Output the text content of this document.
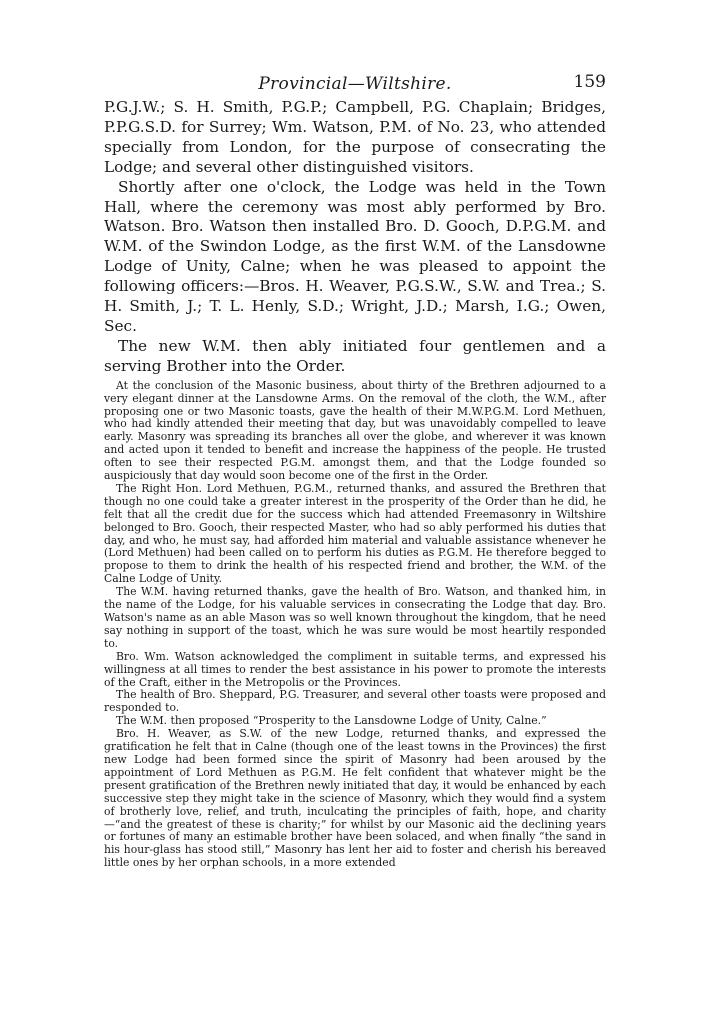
Provincial—Wiltshire.	159

P.G.J.W.; S. H. Smith, P.G.P.; Campbell, P.G. Chaplain; Bridges, P.P.G.S.D. for Surrey; Wm. Watson, P.M. of No. 23, who attended specially from London, for the purpose of consecrating the Lodge; and several other distinguished visitors.

Shortly after one o'clock, the Lodge was held in the Town Hall, where the ceremony was most ably performed by Bro. Watson. Bro. Watson then installed Bro. D. Gooch, D.P.G.M. and W.M. of the Swindon Lodge, as the first W.M. of the Lansdowne Lodge of Unity, Calne; when he was pleased to appoint the following officers:—Bros. H. Weaver, P.G.S.W., S.W. and Trea.; S. H. Smith, J.; T. L. Henly, S.D.; Wright, J.D.; Marsh, I.G.; Owen, Sec.

The new W.M. then ably initiated four gentlemen and a serving Brother into the Order.

At the conclusion of the Masonic business, about thirty of the Brethren adjourned to a very elegant dinner at the Lansdowne Arms. On the removal of the cloth, the W.M., after proposing one or two Masonic toasts, gave the health of their M.W.P.G.M. Lord Methuen, who had kindly attended their meeting that day, but was unavoidably compelled to leave early. Masonry was spreading its branches all over the globe, and wherever it was known and acted upon it tended to benefit and increase the happiness of the people. He trusted often to see their respected P.G.M. amongst them, and that the Lodge founded so auspiciously that day would soon become one of the first in the Order.

The Right Hon. Lord Methuen, P.G.M., returned thanks, and assured the Brethren that though no one could take a greater interest in the prosperity of the Order than he did, he felt that all the credit due for the success which had attended Freemasonry in Wiltshire belonged to Bro. Gooch, their respected Master, who had so ably performed his duties that day, and who, he must say, had afforded him material and valuable assistance whenever he (Lord Methuen) had been called on to perform his duties as P.G.M. He therefore begged to propose to them to drink the health of his respected friend and brother, the W.M. of the Calne Lodge of Unity.

The W.M. having returned thanks, gave the health of Bro. Watson, and thanked him, in the name of the Lodge, for his valuable services in consecrating the Lodge that day. Bro. Watson's name as an able Mason was so well known throughout the kingdom, that he need say nothing in support of the toast, which he was sure would be most heartily responded to.

Bro. Wm. Watson acknowledged the compliment in suitable terms, and expressed his willingness at all times to render the best assistance in his power to promote the interests of the Craft, either in the Metropolis or the Provinces.

The health of Bro. Sheppard, P.G. Treasurer, and several other toasts were proposed and responded to.

The W.M. then proposed “Prosperity to the Lansdowne Lodge of Unity, Calne.”

Bro. H. Weaver, as S.W. of the new Lodge, returned thanks, and expressed the gratification he felt that in Calne (though one of the least towns in the Provinces) the first new Lodge had been formed since the spirit of Masonry had been aroused by the appointment of Lord Methuen as P.G.M. He felt confident that whatever might be the present gratification of the Brethren newly initiated that day, it would be enhanced by each successive step they might take in the science of Masonry, which they would find a system of brotherly love, relief, and truth, inculcating the principles of faith, hope, and charity—“and the greatest of these is charity;” for whilst by our Masonic aid the declining years or fortunes of many an estimable brother have been solaced, and when finally “the sand in his hour-glass has stood still,” Masonry has lent her aid to foster and cherish his bereaved little ones by her orphan schools, in a more extended
